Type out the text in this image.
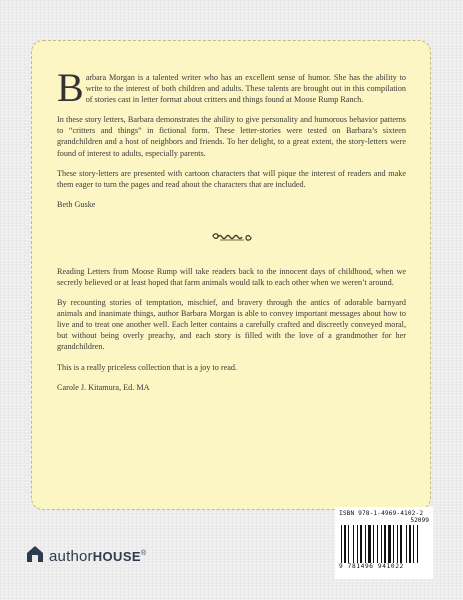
Barbara Morgan is a talented writer who has an excellent sense of humor. She has the ability to write to the interest of both children and adults. These talents are brought out in this compilation of stories cast in letter format about critters and things found at Moose Rump Ranch.

In these story letters, Barbara demonstrates the ability to give personality and humorous behavior patterns to “critters and things” in fictional form. These letter-stories were tested on Barbara’s sixteen grandchildren and a host of neighbors and friends. To her delight, to a great extent, the story-letters were found of interest to adults, especially parents.

These story-letters are presented with cartoon characters that will pique the interest of readers and make them eager to turn the pages and read about the characters that are included.

Beth Guske

Reading Letters from Moose Rump will take readers back to the innocent days of childhood, when we secretly believed or at least hoped that farm animals would talk to each other when we weren’t around.

By recounting stories of temptation, mischief, and bravery through the antics of adorable barnyard animals and inanimate things, author Barbara Morgan is able to convey important messages about how to live and to treat one another well. Each letter contains a carefully crafted and discreetly conveyed moral, but without being overly preachy, and each story is filled with the love of a grandmother for her grandchildren.

This is a really priceless collection that is a joy to read.

Carole J. Kitamura, Ed. MA

authorHOUSE®
ISBN 978-1-4969-4102-2
52099
9 781496 941022
